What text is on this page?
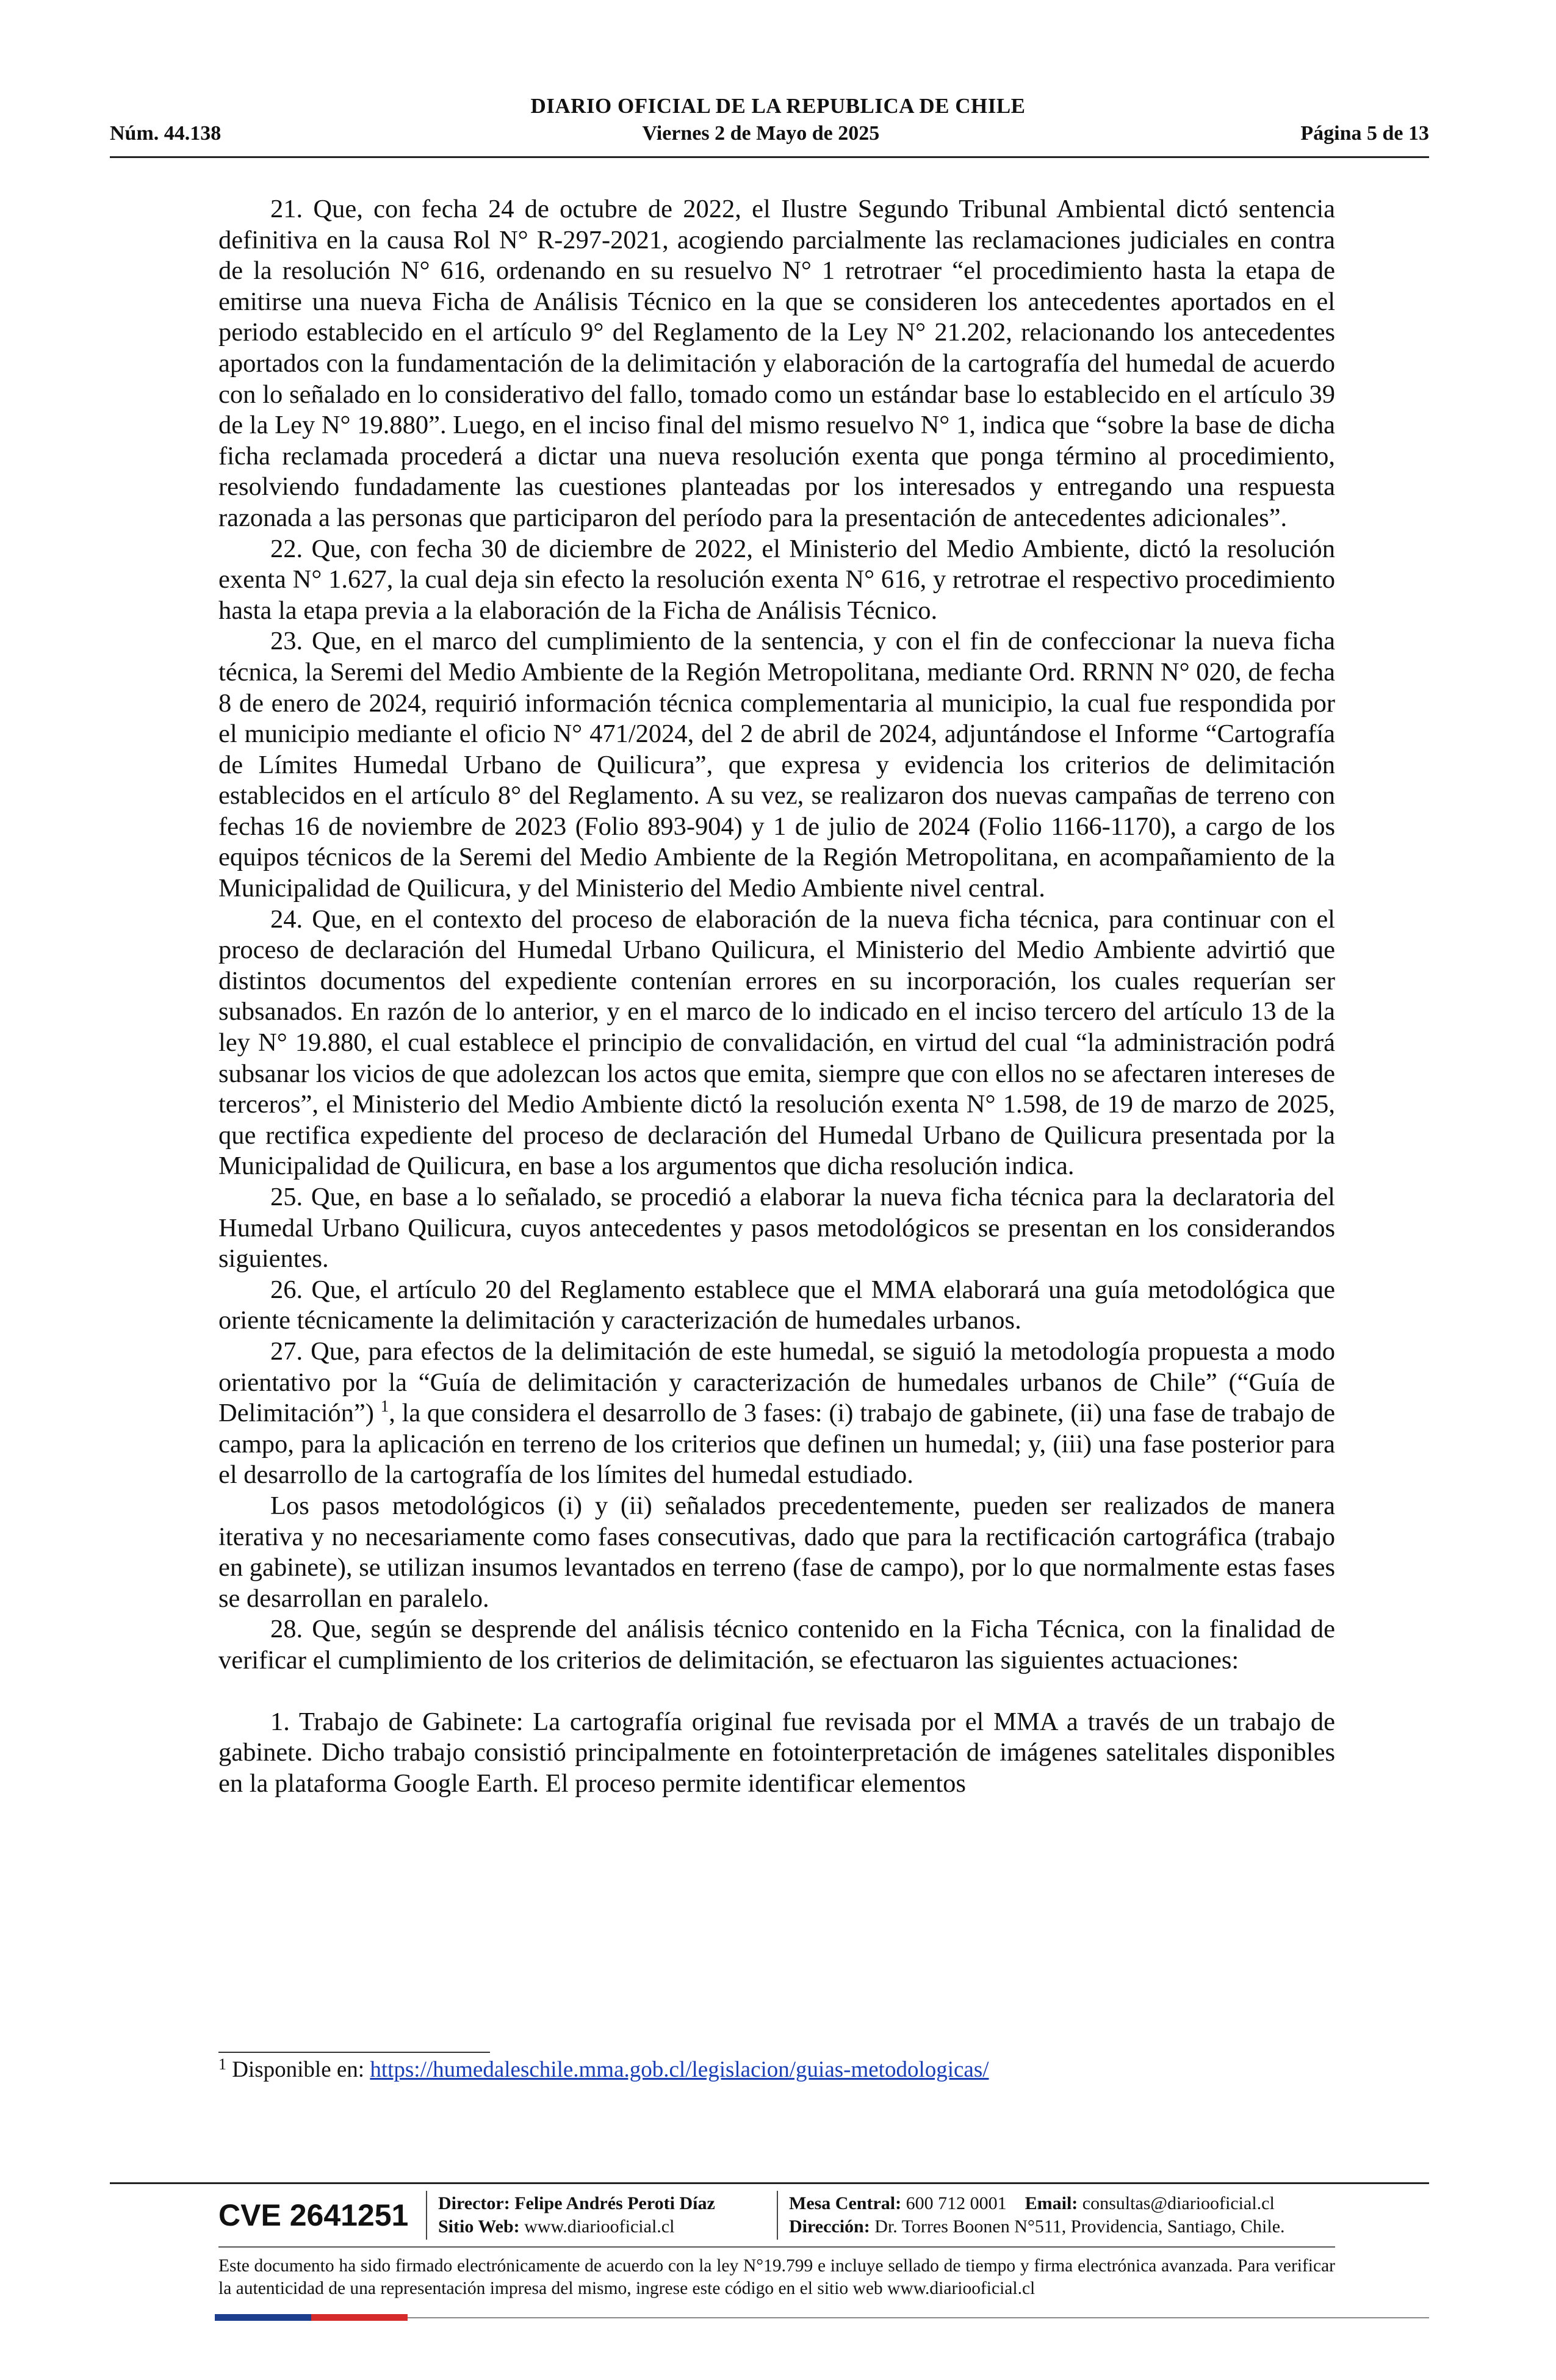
DIARIO OFICIAL DE LA REPUBLICA DE CHILE
Núm. 44.138	Viernes 2 de Mayo de 2025	Página 5 de 13

21. Que, con fecha 24 de octubre de 2022, el Ilustre Segundo Tribunal Ambiental dictó sentencia definitiva en la causa Rol N° R-297-2021, acogiendo parcialmente las reclamaciones judiciales en contra de la resolución N° 616, ordenando en su resuelvo N° 1 retrotraer “el procedimiento hasta la etapa de emitirse una nueva Ficha de Análisis Técnico en la que se consideren los antecedentes aportados en el periodo establecido en el artículo 9° del Reglamento de la Ley N° 21.202, relacionando los antecedentes aportados con la fundamentación de la delimitación y elaboración de la cartografía del humedal de acuerdo con lo señalado en lo considerativo del fallo, tomado como un estándar base lo establecido en el artículo 39 de la Ley N° 19.880”. Luego, en el inciso final del mismo resuelvo N° 1, indica que “sobre la base de dicha ficha reclamada procederá a dictar una nueva resolución exenta que ponga término al procedimiento, resolviendo fundadamente las cuestiones planteadas por los interesados y entregando una respuesta razonada a las personas que participaron del período para la presentación de antecedentes adicionales”.

22. Que, con fecha 30 de diciembre de 2022, el Ministerio del Medio Ambiente, dictó la resolución exenta N° 1.627, la cual deja sin efecto la resolución exenta N° 616, y retrotrae el respectivo procedimiento hasta la etapa previa a la elaboración de la Ficha de Análisis Técnico.

23. Que, en el marco del cumplimiento de la sentencia, y con el fin de confeccionar la nueva ficha técnica, la Seremi del Medio Ambiente de la Región Metropolitana, mediante Ord. RRNN N° 020, de fecha 8 de enero de 2024, requirió información técnica complementaria al municipio, la cual fue respondida por el municipio mediante el oficio N° 471/2024, del 2 de abril de 2024, adjuntándose el Informe “Cartografía de Límites Humedal Urbano de Quilicura”, que expresa y evidencia los criterios de delimitación establecidos en el artículo 8° del Reglamento. A su vez, se realizaron dos nuevas campañas de terreno con fechas 16 de noviembre de 2023 (Folio 893-904) y 1 de julio de 2024 (Folio 1166-1170), a cargo de los equipos técnicos de la Seremi del Medio Ambiente de la Región Metropolitana, en acompañamiento de la Municipalidad de Quilicura, y del Ministerio del Medio Ambiente nivel central.

24. Que, en el contexto del proceso de elaboración de la nueva ficha técnica, para continuar con el proceso de declaración del Humedal Urbano Quilicura, el Ministerio del Medio Ambiente advirtió que distintos documentos del expediente contenían errores en su incorporación, los cuales requerían ser subsanados. En razón de lo anterior, y en el marco de lo indicado en el inciso tercero del artículo 13 de la ley N° 19.880, el cual establece el principio de convalidación, en virtud del cual “la administración podrá subsanar los vicios de que adolezcan los actos que emita, siempre que con ellos no se afectaren intereses de terceros”, el Ministerio del Medio Ambiente dictó la resolución exenta N° 1.598, de 19 de marzo de 2025, que rectifica expediente del proceso de declaración del Humedal Urbano de Quilicura presentada por la Municipalidad de Quilicura, en base a los argumentos que dicha resolución indica.

25. Que, en base a lo señalado, se procedió a elaborar la nueva ficha técnica para la declaratoria del Humedal Urbano Quilicura, cuyos antecedentes y pasos metodológicos se presentan en los considerandos siguientes.

26. Que, el artículo 20 del Reglamento establece que el MMA elaborará una guía metodológica que oriente técnicamente la delimitación y caracterización de humedales urbanos.

27. Que, para efectos de la delimitación de este humedal, se siguió la metodología propuesta a modo orientativo por la “Guía de delimitación y caracterización de humedales urbanos de Chile” (“Guía de Delimitación”) $^1$, la que considera el desarrollo de 3 fases: (i) trabajo de gabinete, (ii) una fase de trabajo de campo, para la aplicación en terreno de los criterios que definen un humedal; y, (iii) una fase posterior para el desarrollo de la cartografía de los límites del humedal estudiado.

Los pasos metodológicos (i) y (ii) señalados precedentemente, pueden ser realizados de manera iterativa y no necesariamente como fases consecutivas, dado que para la rectificación cartográfica (trabajo en gabinete), se utilizan insumos levantados en terreno (fase de campo), por lo que normalmente estas fases se desarrollan en paralelo.

28. Que, según se desprende del análisis técnico contenido en la Ficha Técnica, con la finalidad de verificar el cumplimiento de los criterios de delimitación, se efectuaron las siguientes actuaciones:

1. Trabajo de Gabinete: La cartografía original fue revisada por el MMA a través de un trabajo de gabinete. Dicho trabajo consistió principalmente en fotointerpretación de imágenes satelitales disponibles en la plataforma Google Earth. El proceso permite identificar elementos

$^1$ Disponible en: https://humedaleschile.mma.gob.cl/legislacion/guias-metodologicas/
CVE 2641251	Director: Felipe Andrés Peroti Díaz
Sitio Web: www.diariooficial.cl
Mesa Central: 600 712 0001 Email: consultas@diariooficial.cl
Dirección: Dr. Torres Boonen N°511, Providencia, Santiago, Chile.
Este documento ha sido firmado electrónicamente de acuerdo con la ley N°19.799 e incluye sellado de tiempo y firma electrónica avanzada. Para verificar la autenticidad de una representación impresa del mismo, ingrese este código en el sitio web www.diariooficial.cl
